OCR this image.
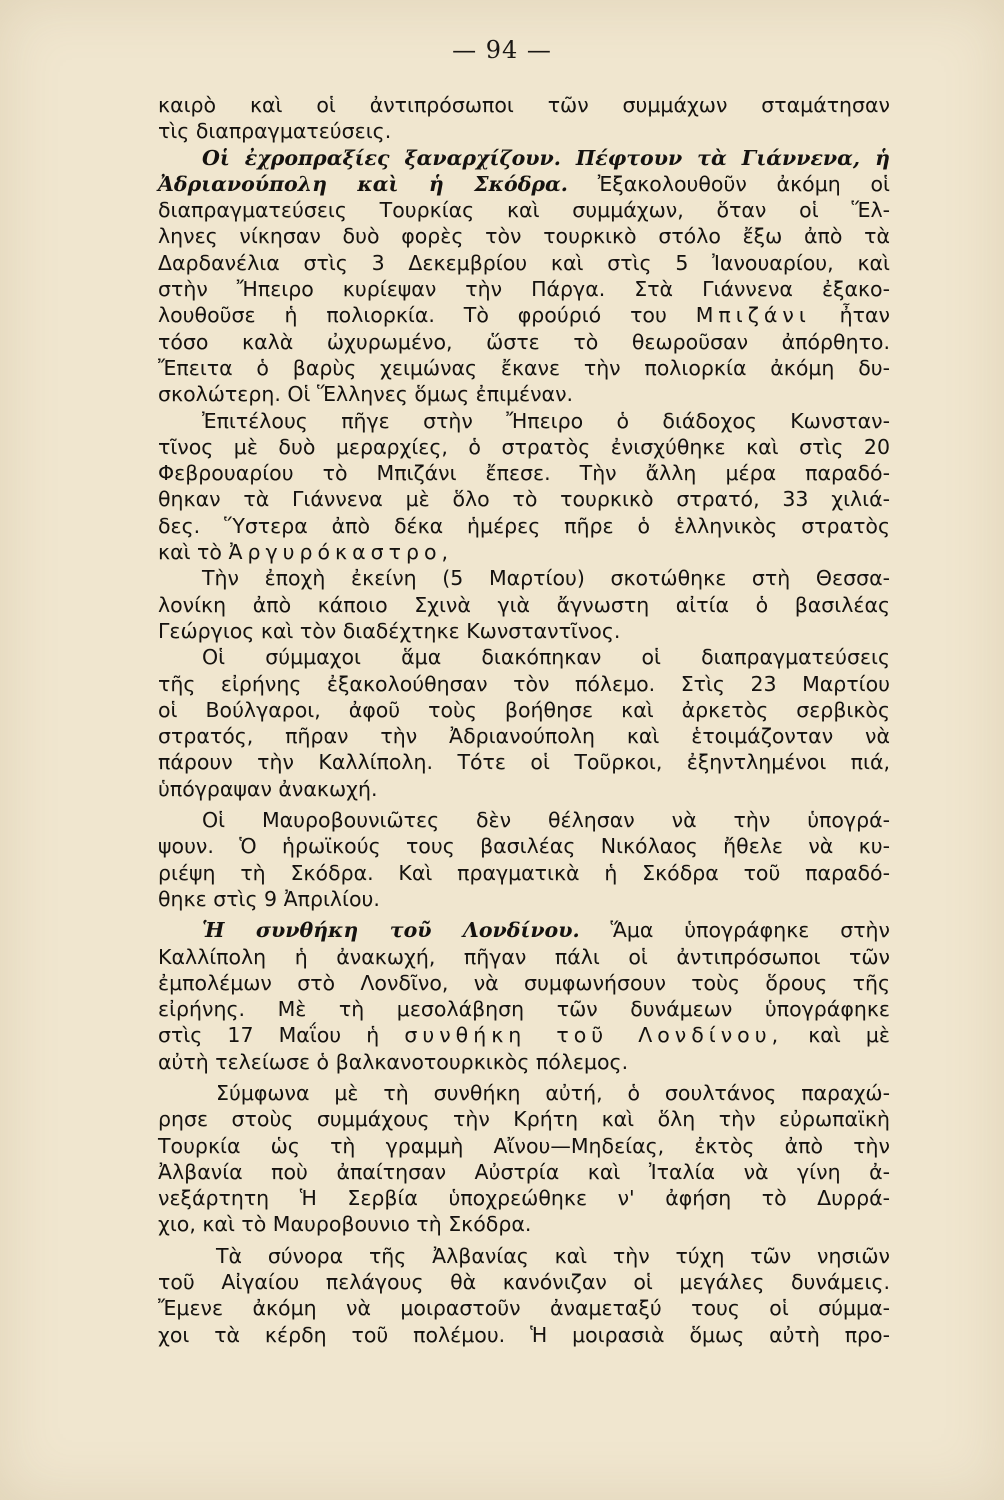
— 94 —
καιρὸ καὶ οἱ ἀντιπρόσωποι τῶν συμμάχων σταμάτησαν
τὶς διαπραγματεύσεις.
Οἱ ἐχροπραξίες ξαναρχίζουν. Πέφτουν τὰ Γιάννενα, ἡ
Ἀδριανούπολη καὶ ἡ Σκόδρα. Ἐξακολουθοῦν ἀκόμη οἱ
διαπραγματεύσεις Τουρκίας καὶ συμμάχων, ὅταν οἱ Ἕλ-
ληνες νίκησαν δυὸ φορὲς τὸν τουρκικὸ στόλο ἔξω ἀπὸ τὰ
Δαρδανέλια στὶς 3 Δεκεμβρίου καὶ στὶς 5 Ἰανουαρίου, καὶ
στὴν Ἤπειρο κυρίεψαν τὴν Πάργα. Στὰ Γιάννενα ἐξακο-
λουθοῦσε ἡ πολιορκία. Τὸ φρούριό του Μπιζάνι ἦταν
τόσο καλὰ ὠχυρωμένο, ὥστε τὸ θεωροῦσαν ἀπόρθητο.
Ἔπειτα ὁ βαρὺς χειμώνας ἔκανε τὴν πολιορκία ἀκόμη δυ-
σκολώτερη. Οἱ Ἕλληνες ὅμως ἐπιμέναν.
Ἐπιτέλους πῆγε στὴν Ἤπειρο ὁ διάδοχος Κωνσταν-
τῖνος μὲ δυὸ μεραρχίες, ὁ στρατὸς ἐνισχύθηκε καὶ στὶς 20
Φεβρουαρίου τὸ Μπιζάνι ἔπεσε. Τὴν ἄλλη μέρα παραδό-
θηκαν τὰ Γιάννενα μὲ ὅλο τὸ τουρκικὸ στρατό, 33 χιλιά-
δες. Ὕστερα ἀπὸ δέκα ἡμέρες πῆρε ὁ ἑλληνικὸς στρατὸς
καὶ τὸ Ἀργυρόκαστρο,
Τὴν ἐποχὴ ἐκείνη (5 Μαρτίου) σκοτώθηκε στὴ Θεσσα-
λονίκη ἀπὸ κάποιο Σχινὰ γιὰ ἄγνωστη αἰτία ὁ βασιλέας
Γεώργιος καὶ τὸν διαδέχτηκε Κωνσταντῖνος.
Οἱ σύμμαχοι ἅμα διακόπηκαν οἱ διαπραγματεύσεις
τῆς εἰρήνης ἐξακολούθησαν τὸν πόλεμο. Στὶς 23 Μαρτίου
οἱ Βούλγαροι, ἀφοῦ τοὺς βοήθησε καὶ ἀρκετὸς σερβικὸς
στρατός, πῆραν τὴν Ἀδριανούπολη καὶ ἑτοιμάζονταν νὰ
πάρουν τὴν Καλλίπολη. Τότε οἱ Τοῦρκοι, ἐξηντλημένοι πιά,
ὑπόγραψαν ἀνακωχή.
Οἱ Μαυροβουνιῶτες δὲν θέλησαν νὰ τὴν ὑπογρά-
ψουν. Ὁ ἡρωϊκούς τους βασιλέας Νικόλαος ἤθελε νὰ κυ-
ριέψη τὴ Σκόδρα. Καὶ πραγματικὰ ἡ Σκόδρα τοῦ παραδό-
θηκε στὶς 9 Ἀπριλίου.
Ἡ συνθήκη τοῦ Λονδίνου. Ἅμα ὑπογράφηκε στὴν
Καλλίπολη ἡ ἀνακωχή, πῆγαν πάλι οἱ ἀντιπρόσωποι τῶν
ἐμπολέμων στὸ Λονδῖνο, νὰ συμφωνήσουν τοὺς ὅρους τῆς
εἰρήνης. Μὲ τὴ μεσολάβηση τῶν δυνάμεων ὑπογράφηκε
στὶς 17 Μαΐου ἡ συνθήκη τοῦ Λονδίνου, καὶ μὲ
αὐτὴ τελείωσε ὁ βαλκανοτουρκικὸς πόλεμος.
Σύμφωνα μὲ τὴ συνθήκη αὐτή, ὁ σουλτάνος παραχώ-
ρησε στοὺς συμμάχους τὴν Κρήτη καὶ ὅλη τὴν εὐρωπαϊκὴ
Τουρκία ὡς τὴ γραμμὴ Αἴνου—Μηδείας, ἐκτὸς ἀπὸ τὴν
Ἀλβανία ποὺ ἀπαίτησαν Αὐστρία καὶ Ἰταλία νὰ γίνη ἀ-
νεξάρτητη Ἡ Σερβία ὑποχρεώθηκε ν' ἀφήση τὸ Δυρρά-
χιο, καὶ τὸ Μαυροβουνιο τὴ Σκόδρα.
Τὰ σύνορα τῆς Ἀλβανίας καὶ τὴν τύχη τῶν νησιῶν
τοῦ Αἰγαίου πελάγους θὰ κανόνιζαν οἱ μεγάλες δυνάμεις.
Ἔμενε ἀκόμη νὰ μοιραστοῦν ἀναμεταξύ τους οἱ σύμμα-
χοι τὰ κέρδη τοῦ πολέμου. Ἡ μοιρασιὰ ὅμως αὐτὴ προ-
